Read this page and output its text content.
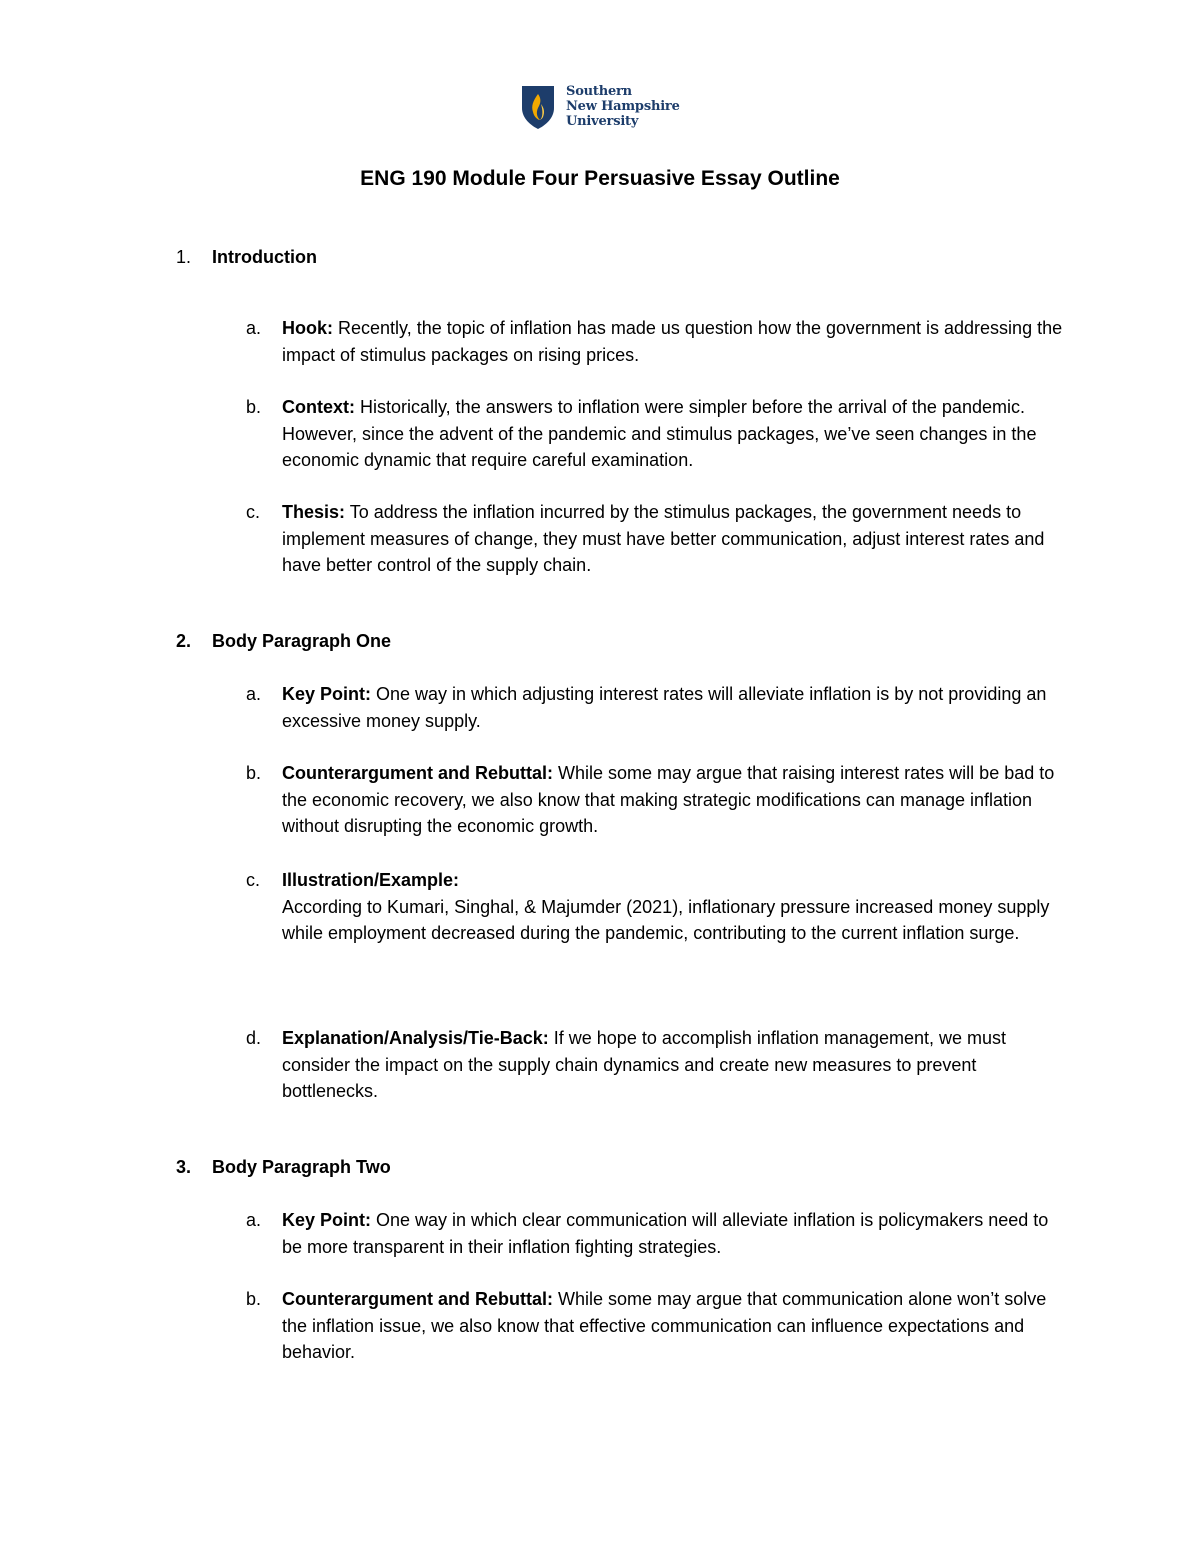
Southern
New Hampshire
University
ENG 190 Module Four Persuasive Essay Outline
1. Introduction
a.	Hook: Recently, the topic of inflation has made us question how the government is addressing the impact of stimulus packages on rising prices.
b.	Context: Historically, the answers to inflation were simpler before the arrival of the pandemic. However, since the advent of the pandemic and stimulus packages, we’ve seen changes in the economic dynamic that require careful examination.
c.	Thesis: To address the inflation incurred by the stimulus packages, the government needs to implement measures of change, they must have better communication, adjust interest rates and have better control of the supply chain.
2. Body Paragraph One
a.	Key Point: One way in which adjusting interest rates will alleviate inflation is by not providing an excessive money supply.
b.	Counterargument and Rebuttal: While some may argue that raising interest rates will be bad to the economic recovery, we also know that making strategic modifications can manage inflation without disrupting the economic growth.
c.	Illustration/Example:
According to Kumari, Singhal, & Majumder (2021), inflationary pressure increased money supply while employment decreased during the pandemic, contributing to the current inflation surge.
d.	Explanation/Analysis/Tie-Back: If we hope to accomplish inflation management, we must consider the impact on the supply chain dynamics and create new measures to prevent bottlenecks.
3. Body Paragraph Two
a.	Key Point: One way in which clear communication will alleviate inflation is policymakers need to be more transparent in their inflation fighting strategies.
b.	Counterargument and Rebuttal: While some may argue that communication alone won’t solve the inflation issue, we also know that effective communication can influence expectations and behavior.
